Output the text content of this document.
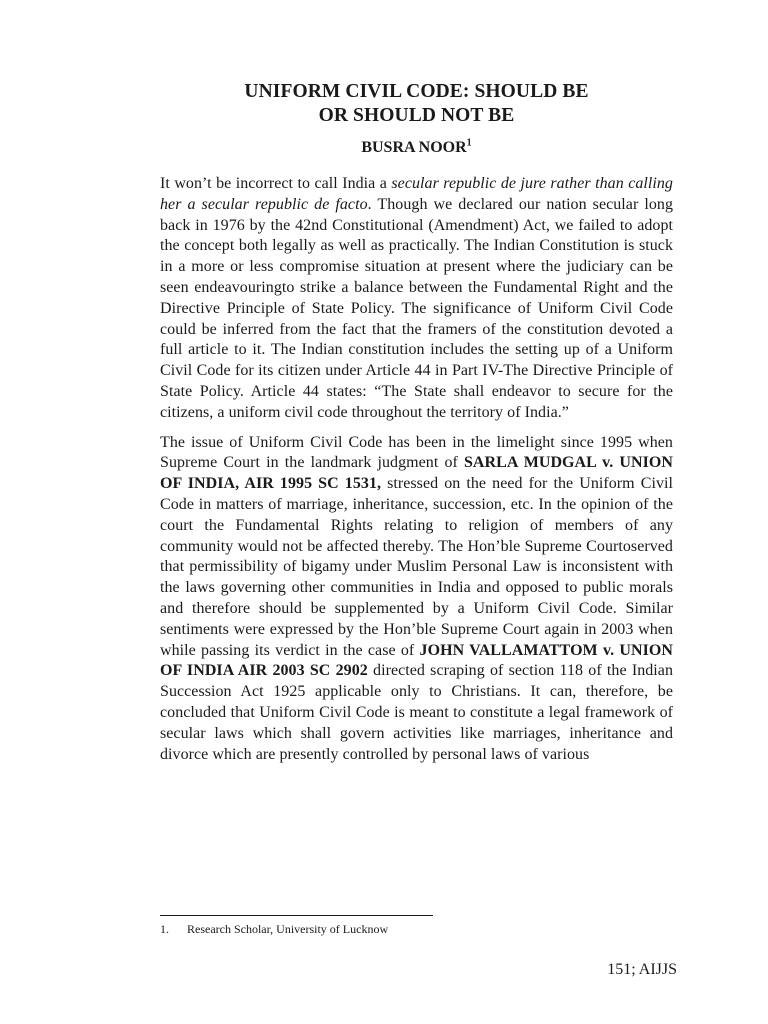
UNIFORM CIVIL CODE: SHOULD BE
OR SHOULD NOT BE

BUSRA NOOR$^1$

It won’t be incorrect to call India a secular republic de jure rather than calling her a secular republic de facto. Though we declared our nation secular long back in 1976 by the 42nd Constitutional (Amendment) Act, we failed to adopt the concept both legally as well as practically. The Indian Constitution is stuck in a more or less compromise situation at present where the judiciary can be seen endeavouringto strike a balance between the Fundamental Right and the Directive Principle of State Policy. The significance of Uniform Civil Code could be inferred from the fact that the framers of the constitution devoted a full article to it. The Indian constitution includes the setting up of a Uniform Civil Code for its citizen under Article 44 in Part IV-The Directive Principle of State Policy. Article 44 states: “The State shall endeavor to secure for the citizens, a uniform civil code throughout the territory of India.”

The issue of Uniform Civil Code has been in the limelight since 1995 when Supreme Court in the landmark judgment of SARLA MUDGAL v. UNION OF INDIA, AIR 1995 SC 1531, stressed on the need for the Uniform Civil Code in matters of marriage, inheritance, succession, etc. In the opinion of the court the Fundamental Rights relating to religion of members of any community would not be affected thereby. The Hon’ble Supreme Courtoserved that permissibility of bigamy under Muslim Personal Law is inconsistent with the laws governing other communities in India and opposed to public morals and therefore should be supplemented by a Uniform Civil Code. Similar sentiments were expressed by the Hon’ble Supreme Court again in 2003 when while passing its verdict in the case of JOHN VALLAMATTOM v. UNION OF INDIA AIR 2003 SC 2902 directed scraping of section 118 of the Indian Succession Act 1925 applicable only to Christians. It can, therefore, be concluded that Uniform Civil Code is meant to constitute a legal framework of secular laws which shall govern activities like marriages, inheritance and divorce which are presently controlled by personal laws of various

1. Research Scholar, University of Lucknow
151; AIJJS
